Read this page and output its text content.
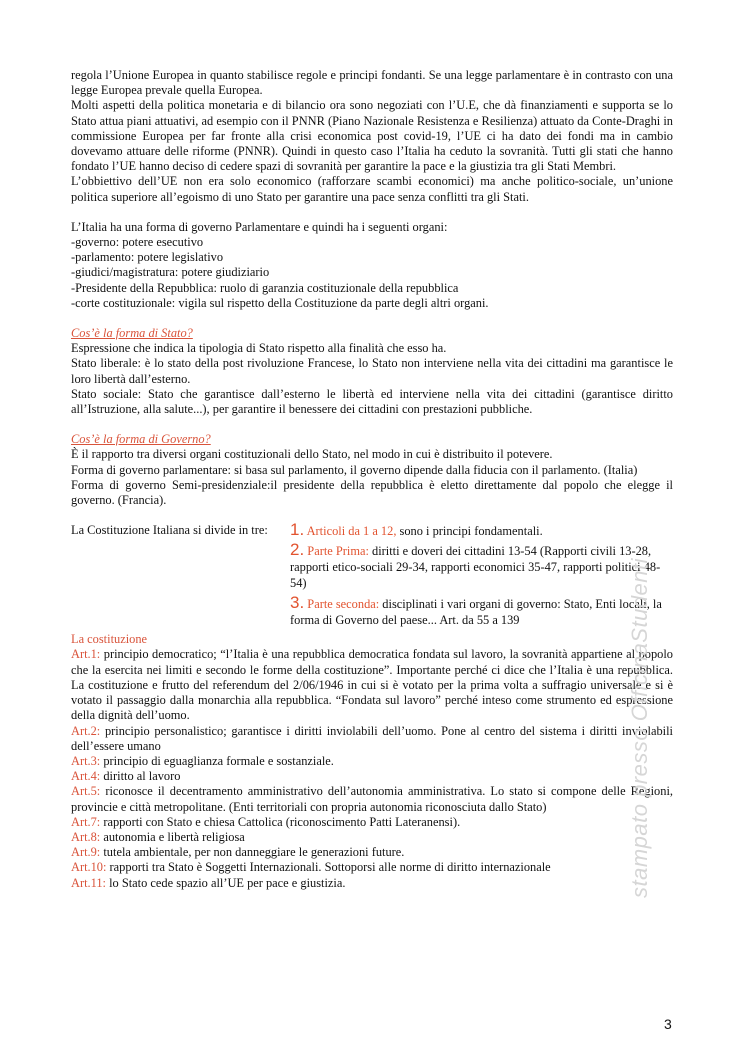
regola l’Unione Europea in quanto stabilisce regole e principi fondanti. Se una legge parlamentare è in contrasto con una legge Europea prevale quella Europea.

Molti aspetti della politica monetaria e di bilancio ora sono negoziati con l’U.E, che dà finanziamenti e supporta se lo Stato attua piani attuativi, ad esempio con il PNNR (Piano Nazionale Resistenza e Resilienza) attuato da Conte-Draghi in commissione Europea per far fronte alla crisi economica post covid-19, l’UE ci ha dato dei fondi ma in cambio dovevamo attuare delle riforme (PNNR). Quindi in questo caso l’Italia ha ceduto la sovranità. Tutti gli stati che hanno fondato l’UE hanno deciso di cedere spazi di sovranità per garantire la pace e la giustizia tra gli Stati Membri.

L’obbiettivo dell’UE non era solo economico (rafforzare scambi economici) ma anche politico-sociale, un’unione politica superiore all’egoismo di uno Stato per garantire una pace senza conflitti tra gli Stati.

L’Italia ha una forma di governo Parlamentare e quindi ha i seguenti organi:

-governo: potere esecutivo

-parlamento: potere legislativo

-giudici/magistratura: potere giudiziario

-Presidente della Repubblica: ruolo di garanzia costituzionale della repubblica

-corte costituzionale: vigila sul rispetto della Costituzione da parte degli altri organi.

Cos’è la forma di Stato?

Espressione che indica la tipologia di Stato rispetto alla finalità che esso ha.

Stato liberale: è lo stato della post rivoluzione Francese, lo Stato non interviene nella vita dei cittadini ma garantisce le loro libertà dall’esterno.

Stato sociale: Stato che garantisce dall’esterno le libertà ed interviene nella vita dei cittadini (garantisce diritto all’Istruzione, alla salute...), per garantire il benessere dei cittadini con prestazioni pubbliche.

Cos’è la forma di Governo?

È il rapporto tra diversi organi costituzionali dello Stato, nel modo in cui è distribuito il potevere.

Forma di governo parlamentare: si basa sul parlamento, il governo dipende dalla fiducia con il parlamento. (Italia)

Forma di governo Semi-presidenziale:il presidente della repubblica è eletto direttamente dal popolo che elegge il governo. (Francia).

La Costituzione Italiana si divide in tre: 1. Articoli da 1 a 12, sono i principi fondamentali.
2. Parte Prima: diritti e doveri dei cittadini 13-54 (Rapporti civili 13-28, rapporti etico-sociali 29-34, rapporti economici 35-47, rapporti politici 48-54)
3. Parte seconda: disciplinati i vari organi di governo: Stato, Enti locali, la forma di Governo del paese... Art. da 55 a 139

La costituzione

Art.1: principio democratico; “l’Italia è una repubblica democratica fondata sul lavoro, la sovranità appartiene al popolo che la esercita nei limiti e secondo le forme della costituzione”. Importante perché ci dice che l’Italia è una repubblica. La costituzione e frutto del referendum del 2/06/1946 in cui si è votato per la prima volta a suffragio universale e si è votato il passaggio dalla monarchia alla repubblica. “Fondata sul lavoro” perché inteso come strumento ed espressione della dignità dell’uomo.

Art.2: principio personalistico; garantisce i diritti inviolabili dell’uomo. Pone al centro del sistema i diritti inviolabili dell’essere umano

Art.3: principio di eguaglianza formale e sostanziale.

Art.4: diritto al lavoro

Art.5: riconosce il decentramento amministrativo dell’autonomia amministrativa. Lo stato si compone delle Regioni, provincie e città metropolitane. (Enti territoriali con propria autonomia riconosciuta dallo Stato)

Art.7: rapporti con Stato e chiesa Cattolica (riconoscimento Patti Lateranensi).

Art.8: autonomia e libertà religiosa

Art.9: tutela ambientale, per non danneggiare le generazioni future.

Art.10: rapporti tra Stato è Soggetti Internazionali. Sottoporsi alle norme di diritto internazionale

Art.11: lo Stato cede spazio all’UE per pace e giustizia.	stampato presso OfficinaStudenti
3
